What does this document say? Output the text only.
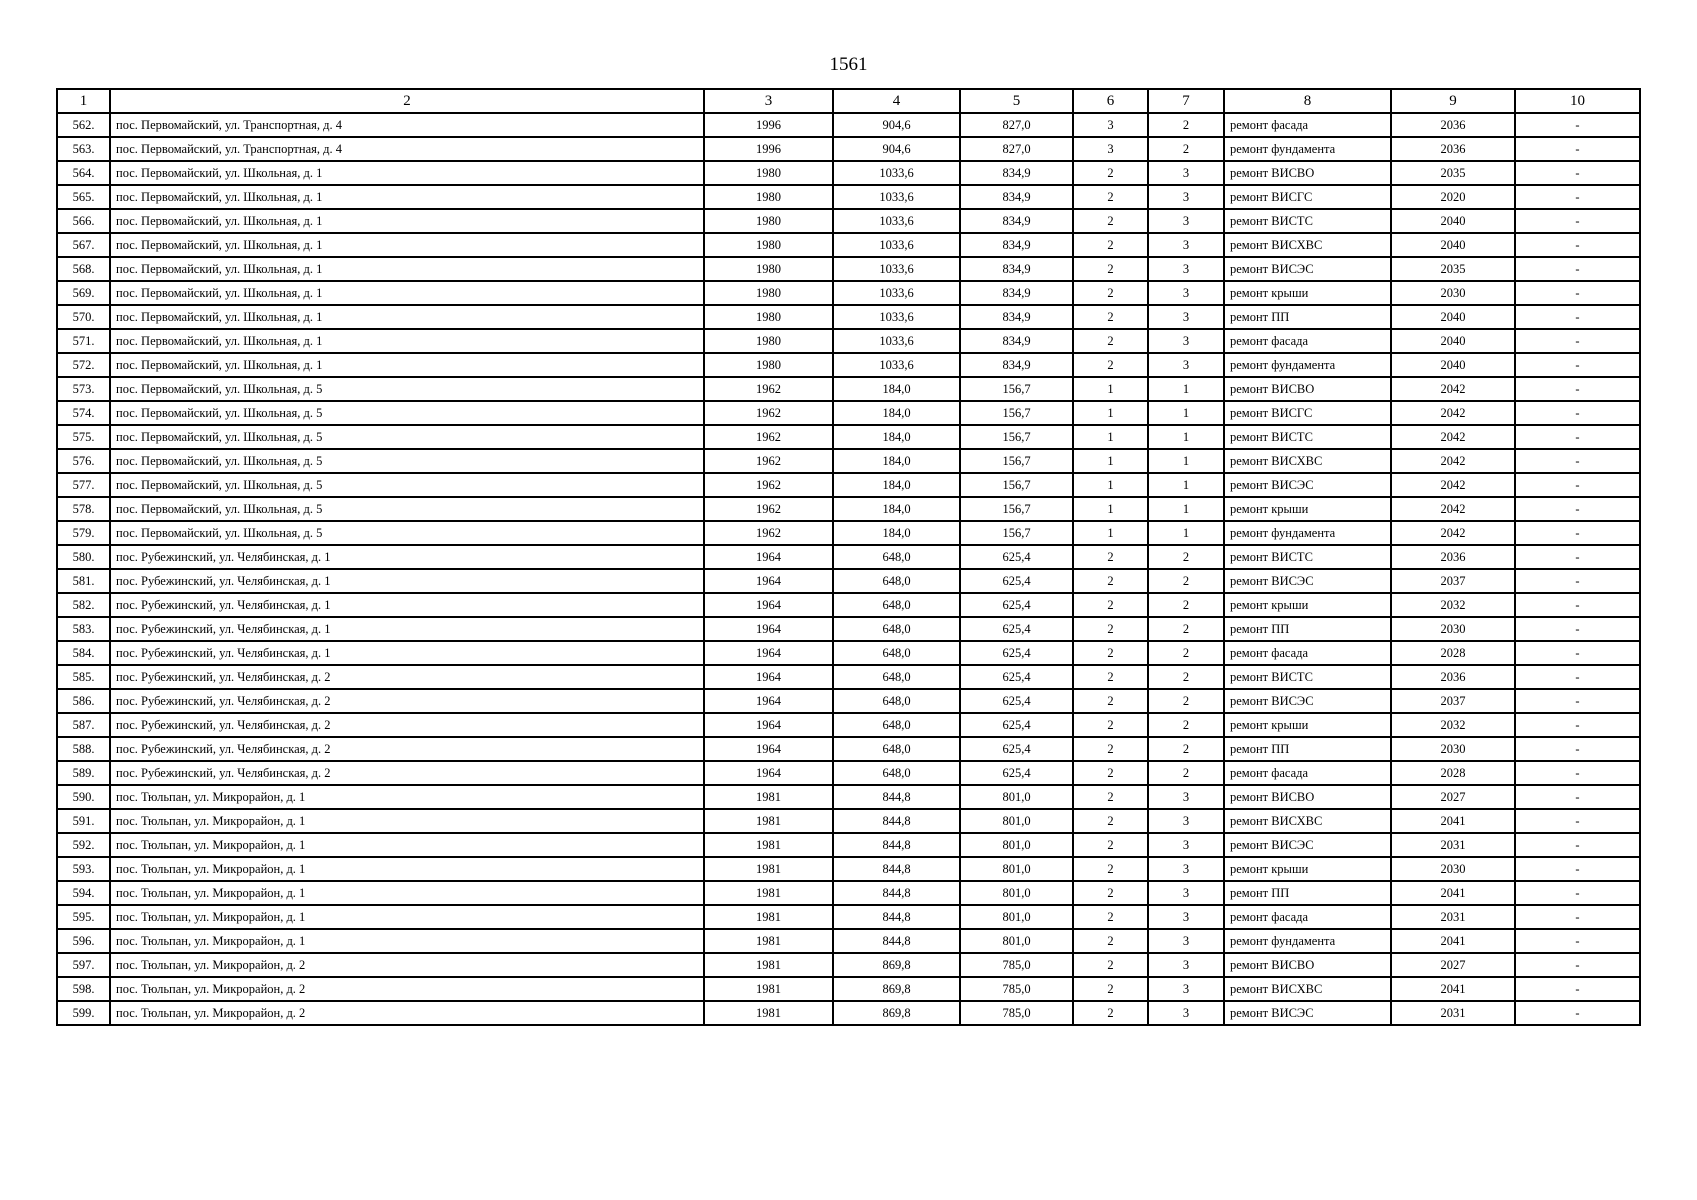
1561
1	2	3	4	5	6	7	8	9	10
562.	пос. Первомайский, ул. Транспортная, д. 4	1996	904,6	827,0	3	2	ремонт фасада	2036	-
563.	пос. Первомайский, ул. Транспортная, д. 4	1996	904,6	827,0	3	2	ремонт фундамента	2036	-
564.	пос. Первомайский, ул. Школьная, д. 1	1980	1033,6	834,9	2	3	ремонт ВИСВО	2035	-
565.	пос. Первомайский, ул. Школьная, д. 1	1980	1033,6	834,9	2	3	ремонт ВИСГС	2020	-
566.	пос. Первомайский, ул. Школьная, д. 1	1980	1033,6	834,9	2	3	ремонт ВИСТС	2040	-
567.	пос. Первомайский, ул. Школьная, д. 1	1980	1033,6	834,9	2	3	ремонт ВИСХВС	2040	-
568.	пос. Первомайский, ул. Школьная, д. 1	1980	1033,6	834,9	2	3	ремонт ВИСЭС	2035	-
569.	пос. Первомайский, ул. Школьная, д. 1	1980	1033,6	834,9	2	3	ремонт крыши	2030	-
570.	пос. Первомайский, ул. Школьная, д. 1	1980	1033,6	834,9	2	3	ремонт ПП	2040	-
571.	пос. Первомайский, ул. Школьная, д. 1	1980	1033,6	834,9	2	3	ремонт фасада	2040	-
572.	пос. Первомайский, ул. Школьная, д. 1	1980	1033,6	834,9	2	3	ремонт фундамента	2040	-
573.	пос. Первомайский, ул. Школьная, д. 5	1962	184,0	156,7	1	1	ремонт ВИСВО	2042	-
574.	пос. Первомайский, ул. Школьная, д. 5	1962	184,0	156,7	1	1	ремонт ВИСГС	2042	-
575.	пос. Первомайский, ул. Школьная, д. 5	1962	184,0	156,7	1	1	ремонт ВИСТС	2042	-
576.	пос. Первомайский, ул. Школьная, д. 5	1962	184,0	156,7	1	1	ремонт ВИСХВС	2042	-
577.	пос. Первомайский, ул. Школьная, д. 5	1962	184,0	156,7	1	1	ремонт ВИСЭС	2042	-
578.	пос. Первомайский, ул. Школьная, д. 5	1962	184,0	156,7	1	1	ремонт крыши	2042	-
579.	пос. Первомайский, ул. Школьная, д. 5	1962	184,0	156,7	1	1	ремонт фундамента	2042	-
580.	пос. Рубежинский, ул. Челябинская, д. 1	1964	648,0	625,4	2	2	ремонт ВИСТС	2036	-
581.	пос. Рубежинский, ул. Челябинская, д. 1	1964	648,0	625,4	2	2	ремонт ВИСЭС	2037	-
582.	пос. Рубежинский, ул. Челябинская, д. 1	1964	648,0	625,4	2	2	ремонт крыши	2032	-
583.	пос. Рубежинский, ул. Челябинская, д. 1	1964	648,0	625,4	2	2	ремонт ПП	2030	-
584.	пос. Рубежинский, ул. Челябинская, д. 1	1964	648,0	625,4	2	2	ремонт фасада	2028	-
585.	пос. Рубежинский, ул. Челябинская, д. 2	1964	648,0	625,4	2	2	ремонт ВИСТС	2036	-
586.	пос. Рубежинский, ул. Челябинская, д. 2	1964	648,0	625,4	2	2	ремонт ВИСЭС	2037	-
587.	пос. Рубежинский, ул. Челябинская, д. 2	1964	648,0	625,4	2	2	ремонт крыши	2032	-
588.	пос. Рубежинский, ул. Челябинская, д. 2	1964	648,0	625,4	2	2	ремонт ПП	2030	-
589.	пос. Рубежинский, ул. Челябинская, д. 2	1964	648,0	625,4	2	2	ремонт фасада	2028	-
590.	пос. Тюльпан, ул. Микрорайон, д. 1	1981	844,8	801,0	2	3	ремонт ВИСВО	2027	-
591.	пос. Тюльпан, ул. Микрорайон, д. 1	1981	844,8	801,0	2	3	ремонт ВИСХВС	2041	-
592.	пос. Тюльпан, ул. Микрорайон, д. 1	1981	844,8	801,0	2	3	ремонт ВИСЭС	2031	-
593.	пос. Тюльпан, ул. Микрорайон, д. 1	1981	844,8	801,0	2	3	ремонт крыши	2030	-
594.	пос. Тюльпан, ул. Микрорайон, д. 1	1981	844,8	801,0	2	3	ремонт ПП	2041	-
595.	пос. Тюльпан, ул. Микрорайон, д. 1	1981	844,8	801,0	2	3	ремонт фасада	2031	-
596.	пос. Тюльпан, ул. Микрорайон, д. 1	1981	844,8	801,0	2	3	ремонт фундамента	2041	-
597.	пос. Тюльпан, ул. Микрорайон, д. 2	1981	869,8	785,0	2	3	ремонт ВИСВО	2027	-
598.	пос. Тюльпан, ул. Микрорайон, д. 2	1981	869,8	785,0	2	3	ремонт ВИСХВС	2041	-
599.	пос. Тюльпан, ул. Микрорайон, д. 2	1981	869,8	785,0	2	3	ремонт ВИСЭС	2031	-
